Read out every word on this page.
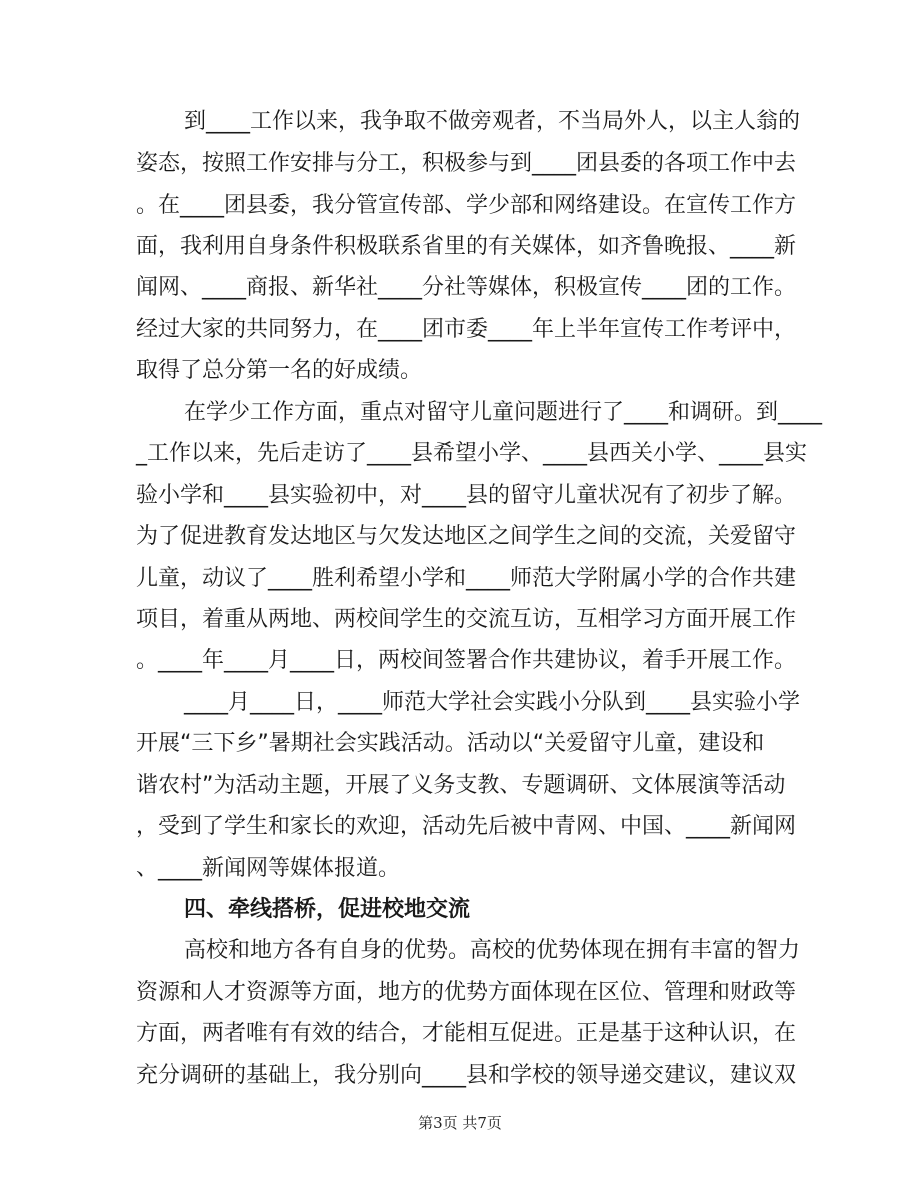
到____工作以来，我争取不做旁观者，不当局外人，以主人翁的
姿态，按照工作安排与分工，积极参与到____团县委的各项工作中去
。在____团县委，我分管宣传部、学少部和网络建设。在宣传工作方
面，我利用自身条件积极联系省里的有关媒体，如齐鲁晚报、____新
闻网、____商报、新华社____分社等媒体，积极宣传____团的工作。
经过大家的共同努力，在____团市委____年上半年宣传工作考评中，
取得了总分第一名的好成绩。
在学少工作方面，重点对留守儿童问题进行了____和调研。到____
_工作以来，先后走访了____县希望小学、____县西关小学、____县实
验小学和____县实验初中，对____县的留守儿童状况有了初步了解。
为了促进教育发达地区与欠发达地区之间学生之间的交流，关爱留守
儿童，动议了____胜利希望小学和____师范大学附属小学的合作共建
项目，着重从两地、两校间学生的交流互访，互相学习方面开展工作
。____年____月____日，两校间签署合作共建协议，着手开展工作。
____月____日，____师范大学社会实践小分队到____县实验小学
开展“三下乡”暑期社会实践活动。活动以“关爱留守儿童，建设和
谐农村”为活动主题，开展了义务支教、专题调研、文体展演等活动
，受到了学生和家长的欢迎，活动先后被中青网、中国、____新闻网
、____新闻网等媒体报道。
四、牵线搭桥，促进校地交流
高校和地方各有自身的优势。高校的优势体现在拥有丰富的智力
资源和人才资源等方面，地方的优势方面体现在区位、管理和财政等
方面，两者唯有有效的结合，才能相互促进。正是基于这种认识，在
充分调研的基础上，我分别向____县和学校的领导递交建议，建议双
第3页 共7页
